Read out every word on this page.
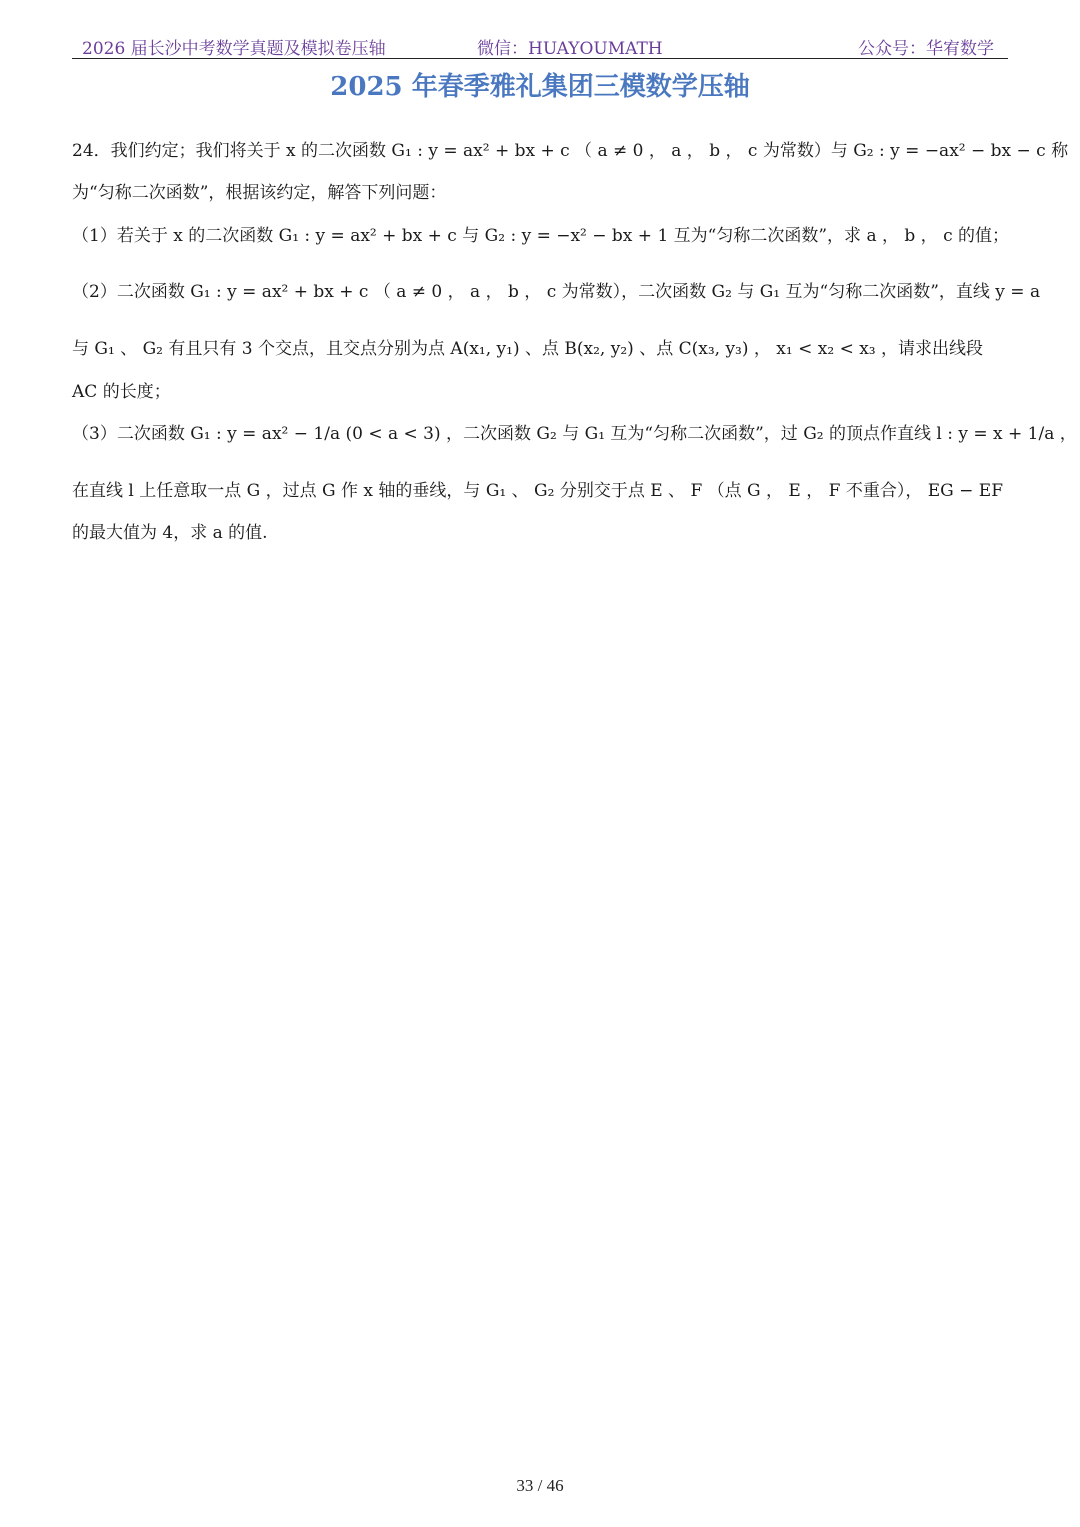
2026 届长沙中考数学真题及模拟卷压轴	微信：HUAYOUMATH	公众号：华宥数学
2025 年春季雅礼集团三模数学压轴
24．我们约定；我们将关于 x 的二次函数 G₁ : y = ax² + bx + c （ a ≠ 0 ， a ， b ， c 为常数）与 G₂ : y = −ax² − bx − c 称
为“匀称二次函数”，根据该约定，解答下列问题：
（1）若关于 x 的二次函数 G₁ : y = ax² + bx + c 与 G₂ : y = −x² − bx + 1 互为“匀称二次函数”，求 a ， b ， c 的值；
（2）二次函数 G₁ : y = ax² + bx + c （ a ≠ 0 ， a ， b ， c 为常数），二次函数 G₂ 与 G₁ 互为“匀称二次函数”，直线 y = a
与 G₁ 、 G₂ 有且只有 3 个交点，且交点分别为点 A(x₁, y₁) 、点 B(x₂, y₂) 、点 C(x₃, y₃) ， x₁ < x₂ < x₃ ，请求出线段
AC 的长度；
（3）二次函数 G₁ : y = ax² − 1/a (0 < a < 3) ，二次函数 G₂ 与 G₁ 互为“匀称二次函数”，过 G₂ 的顶点作直线 l : y = x + 1/a ，
在直线 l 上任意取一点 G ，过点 G 作 x 轴的垂线，与 G₁ 、 G₂ 分别交于点 E 、 F （点 G ， E ， F 不重合）， EG − EF
的最大值为 4，求 a 的值.
33 / 46
